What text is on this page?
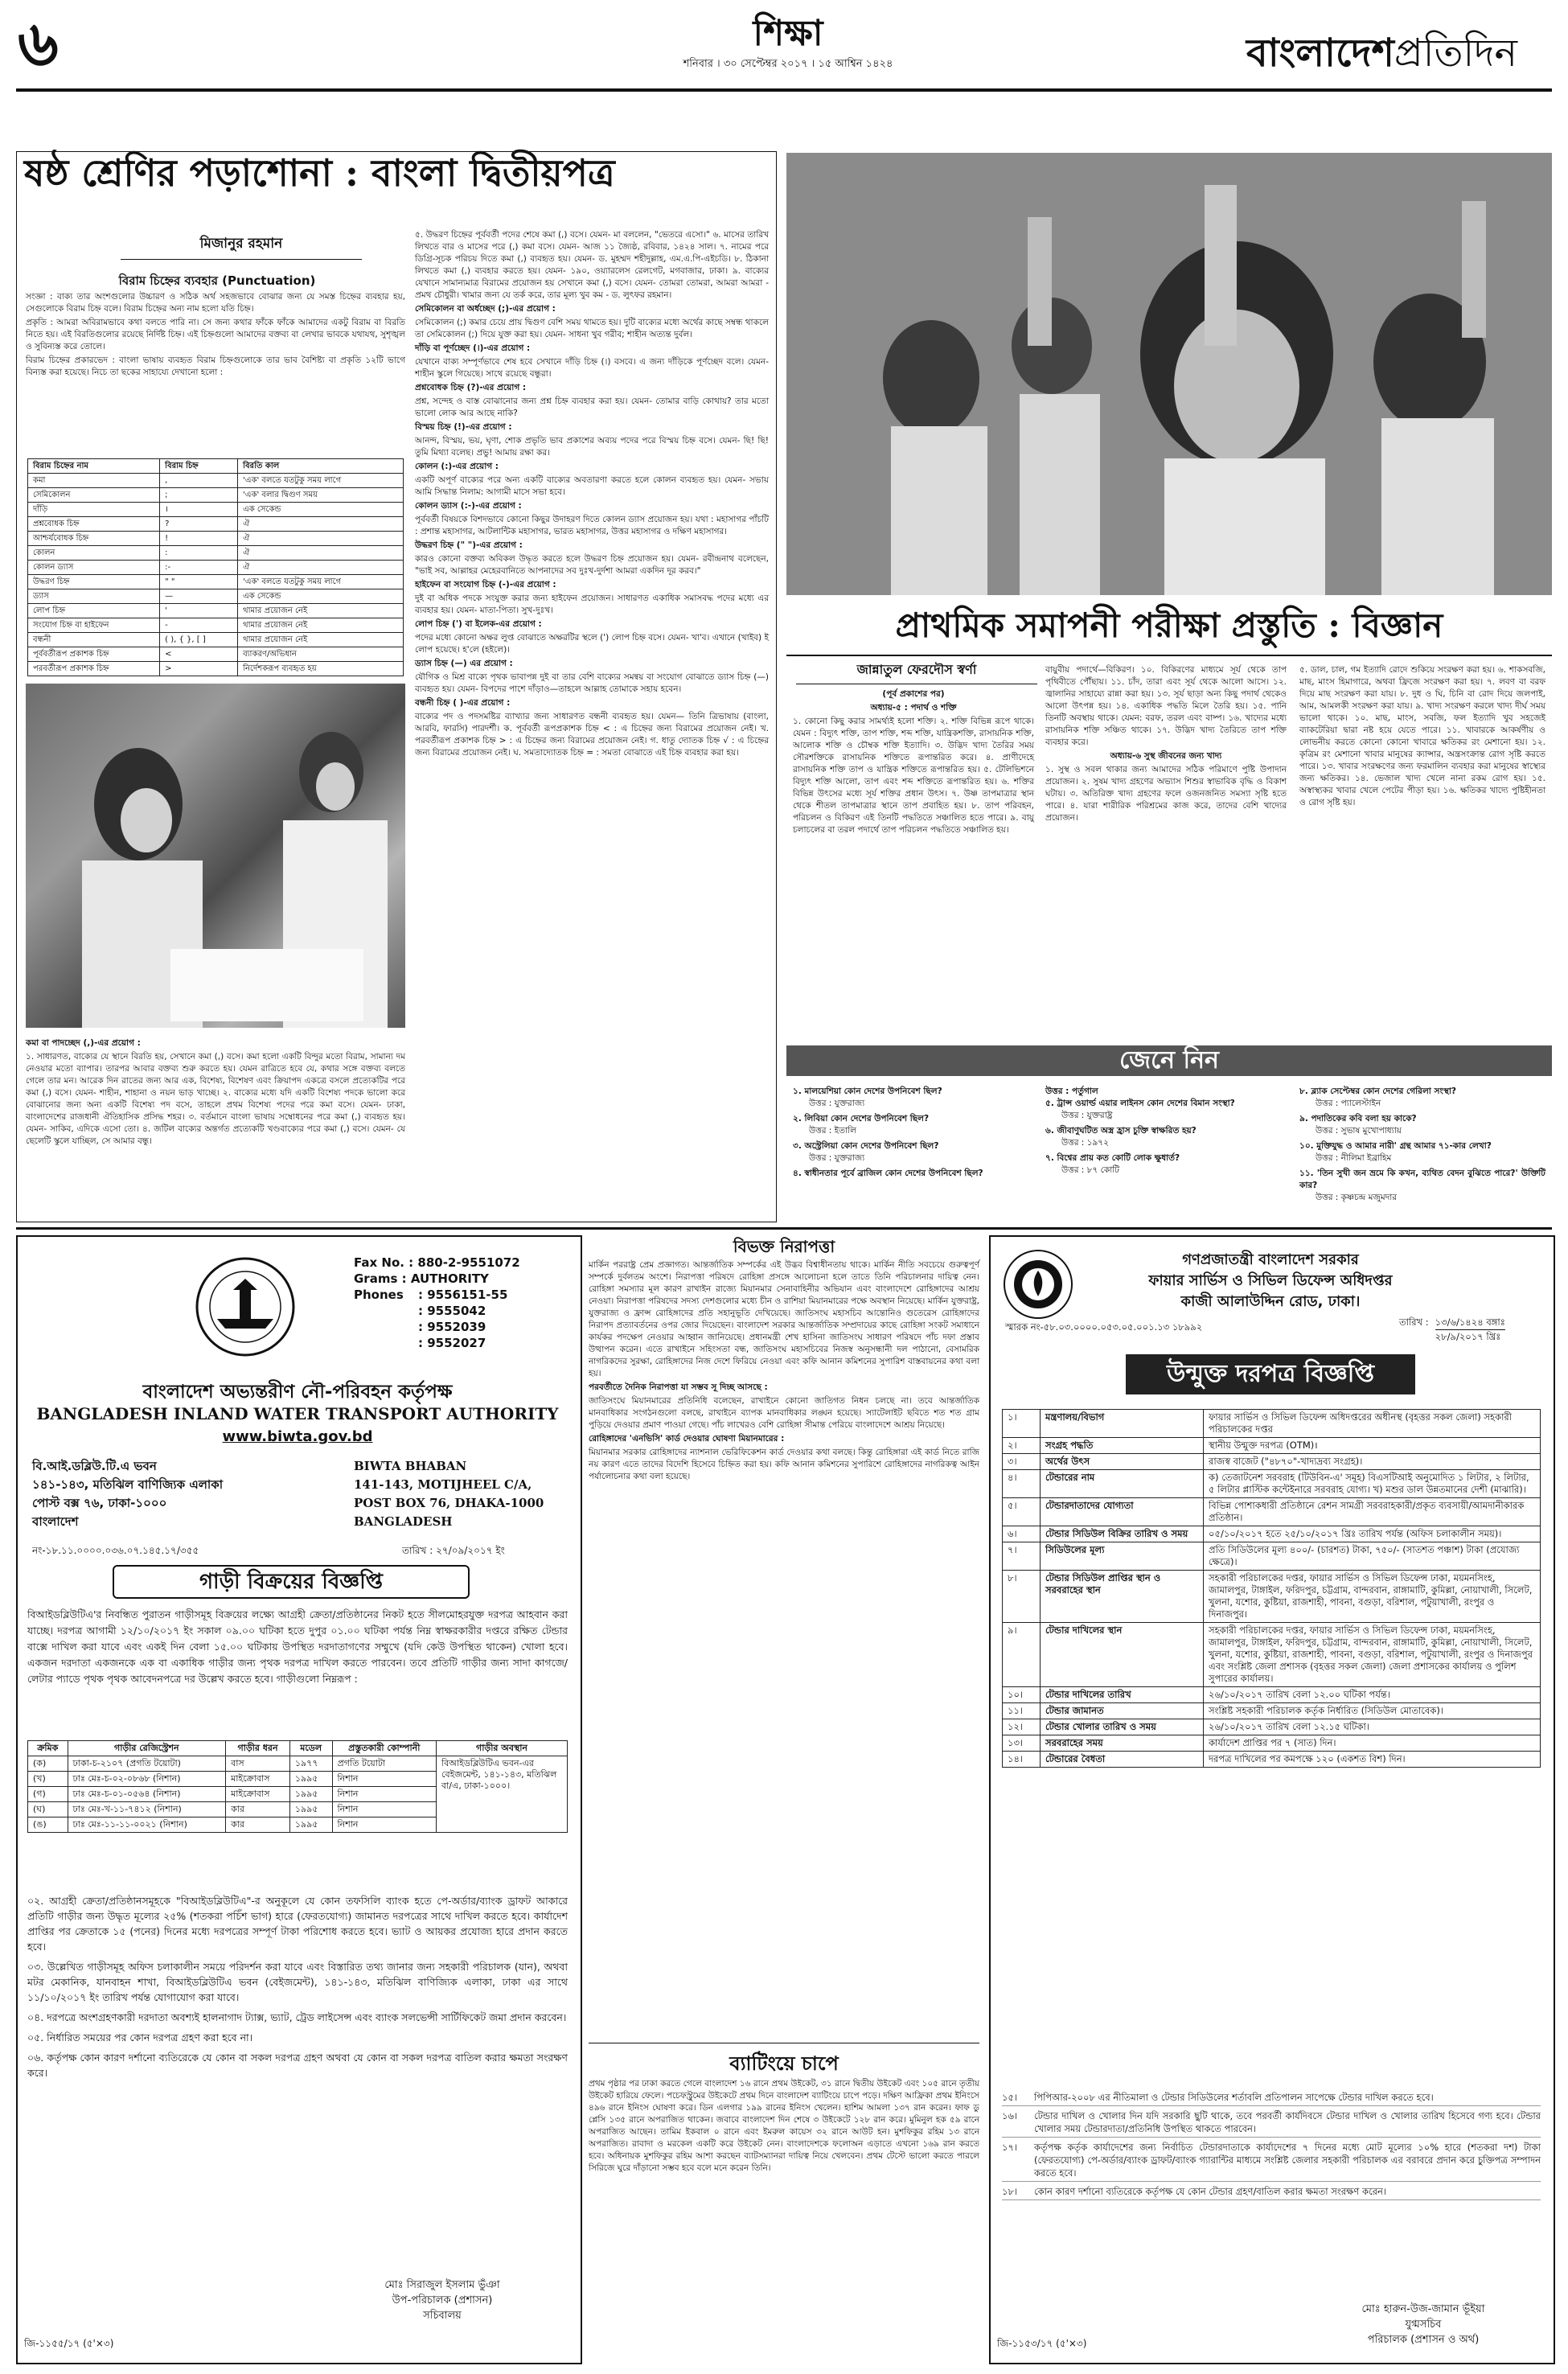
৬	শিক্ষা
শনিবার । ৩০ সেপ্টেম্বর ২০১৭ । ১৫ আশ্বিন ১৪২৪	বাংলাদেশপ্রতিদিন
ষষ্ঠ শ্রেণির পড়াশোনা : বাংলা দ্বিতীয়পত্র
মিজানুর রহমান
বিরাম চিহ্নের ব্যবহার (Punctuation)

সংজ্ঞা : বাক্য তার অংশগুলোর উচ্চারণ ও সঠিক অর্থ সহজভাবে বোঝার জন্য যে সমস্ত চিহ্নের ব্যবহার হয়, সেগুলোকে বিরাম চিহ্ন বলে। বিরাম চিহ্নের অন্য নাম হলো যতি চিহ্ন।

প্রকৃতি : আমরা অবিরামভাবে কথা বলতে পারি না। সে জন্য কথার ফাঁকে ফাঁকে আমাদের একটু বিরাম বা বিরতি নিতে হয়। এই বিরতিগুলোর রয়েছে নির্দিষ্ট চিহ্ন। এই চিহ্নগুলো আমাদের বক্তব্য বা লেখার ভাবকে যথাযথ, সুশৃঙ্খল ও সুবিন্যস্ত করে তোলে।

বিরাম চিহ্নের প্রকারভেদ : বাংলা ভাষায় ব্যবহৃত বিরাম চিহ্নগুলোকে তার ভাব বৈশিষ্ট্য বা প্রকৃতি ১২টি ভাগে বিন্যস্ত করা হয়েছে। নিচে তা ছকের সাহায্যে দেখানো হলো :

বিরাম চিহ্নের নাম	বিরাম চিহ্ন	বিরতি কাল
কমা	,	'এক' বলতে যতটুকু সময় লাগে
সেমিকোলন	;	'এক' বলার দ্বিগুণ সময়
দাঁড়ি	।	এক সেকেন্ড
প্রশ্নবোধক চিহ্ন	?	ঐ
আশ্চর্যবোধক চিহ্ন	!	ঐ
কোলন	:	ঐ
কোলন ড্যাস	:-	ঐ
উদ্ধরণ চিহ্ন	" "	'এক' বলতে যতটুকু সময় লাগে
ড্যাস	—	এক সেকেন্ড
লোপ চিহ্ন	'	থামার প্রয়োজন নেই
সংযোগ চিহ্ন বা হাইফেন	-	থামার প্রয়োজন নেই
বন্ধনী	( ), { }, [ ]	থামার প্রয়োজন নেই
পূর্ববর্তীরূপ প্রকাশক চিহ্ন	<	ব্যাকরণ/অভিধান
পরবর্তীরূপ প্রকাশক চিহ্ন	>	নির্দেশকরূপ ব্যবহৃত হয়

কমা বা পাদচ্ছেদ (,)-এর প্রয়োগ :

১. সাধারণত, বাক্যের যে স্থানে বিরতি হয়, সেখানে কমা (,) বসে। কমা হলো একটি বিন্দুর মতো বিরাম, সামান্য দম নেওয়ার মতো ব্যাপার। তারপর আবার বক্তব্য শুরু করতে হয়। যেমন রাত্রিতে হবে যে, কথার সঙ্গে বক্তব্য বলতে গেলে তার মন। আরেক দিন রাতের জন্য আর এক, বিশেষ্য, বিশেষণ এবং ক্রিয়াপদ একত্রে বসলে প্রত্যেকটির পরে কমা (,) বসে। যেমন- শাহীন, শাহানা ও নয়ন ভাড় খাচ্ছে। ২. বাক্যের মধ্যে যদি একটি বিশেষ্য পদকে ভালো করে বোঝানোর জন্য অন্য একটি বিশেষ্য পদ বসে, তাহলে প্রথম বিশেষ্য পদের পরে কমা বসে। যেমন- ঢাকা, বাংলাদেশের রাজধানী ঐতিহাসিক প্রসিদ্ধ শহর। ৩. বর্তমানে বাংলা ভাষায় সম্বোধনের পরে কমা (,) ব্যবহৃত হয়। যেমন- সাকিব, এদিকে এসো তো। ৪. জটিল বাক্যের অন্তর্গত প্রত্যেকটি খণ্ডবাক্যের পরে কমা (,) বসে। যেমন- যে ছেলেটি স্কুলে যাচ্ছিল, সে আমার বন্ধু।

৫. উদ্ধরণ চিহ্নের পূর্ববর্তী পদের শেষে কমা (,) বসে। যেমন- মা বললেন, "ভেতরে এসো।" ৬. মাসের তারিখ লিখতে বার ও মাসের পরে (,) কমা বসে। যেমন- আজ ১১ জ্যৈষ্ঠ, রবিবার, ১৪২৪ সাল। ৭. নামের পরে ডিগ্রি-সূচক পরিচয় দিতে কমা (,) ব্যবহৃত হয়। যেমন- ড. মুহম্মদ শহীদুল্লাহ, এম.এ.পি-এইচডি। ৮. ঠিকানা লিখতে কমা (,) ব্যবহার করতে হয়। যেমন- ১৯০, ওয়্যারলেস রেলগেট, মগবাজার, ঢাকা। ৯. বাক্যের যেখানে সামান্যমাত্র বিরামের প্রয়োজন হয় সেখানে কমা (,) বসে। যেমন- তোমরা তোমরা, আমরা আমরা - প্রমথ চৌধুরী। খামার জন্য যে তর্ক করে, তার মূল্য খুব কম - ড. লুৎফর রহমান।

সেমিকোলন বা অর্ধচ্ছেদ (;)-এর প্রয়োগ :

সেমিকোলন (;) কমার চেয়ে প্রায় দ্বিগুণ বেশি সময় থামতে হয়। দুটি বাক্যের মধ্যে অর্থের কাছে সম্বন্ধ থাকলে তা সেমিকোলন (;) দিয়ে যুক্ত করা হয়। যেমন- সাধনা খুব গরীব; শাহীন অত্যন্ত দুর্বল।

দাঁড়ি বা পূর্ণচ্ছেদ (।)-এর প্রয়োগ :

যেখানে বাক্য সম্পূর্ণভাবে শেষ হবে সেখানে দাঁড়ি চিহ্ন (।) বসবে। এ জন্য দাঁড়িকে পূর্ণচ্ছেদ বলে। যেমন- শাহীন স্কুলে গিয়েছে। সাথে রয়েছে বন্ধুরা।

প্রশ্নবোধক চিহ্ন (?)-এর প্রয়োগ :

প্রশ্ন, সন্দেহ ও বাস্ত বোঝানোর জন্য প্রশ্ন চিহ্ন ব্যবহার করা হয়। যেমন- তোমার বাড়ি কোথায়? তার মতো ভালো লোক আর আছে নাকি?

বিস্ময় চিহ্ন (!)-এর প্রয়োগ :

আনন্দ, বিস্ময়, ভয়, ঘৃণা, শোক প্রভৃতি ভাব প্রকাশের অব্যয় পদের পরে বিস্ময় চিহ্ন বসে। যেমন- ছি! ছি! তুমি মিথ্যা বলেছ। প্রভু! আমায় রক্ষা কর।

কোলন (:)-এর প্রয়োগ :

একটি অপূর্ণ বাক্যের পরে অন্য একটি বাক্যের অবতারণা করতে হলে কোলন ব্যবহৃত হয়। যেমন- সভায় আমি সিদ্ধান্ত নিলাম: আগামী মাসে সভা হবে।

কোলন ড্যাস (:-)-এর প্রয়োগ :

পূর্ববর্তী বিষয়কে বিশদভাবে কোনো কিছুর উদাহরণ দিতে কোলন ড্যাস প্রয়োজন হয়। যথা : মহাসাগর পাঁচটি : প্রশান্ত মহাসাগর, আটলান্টিক মহাসাগর, ভারত মহাসাগর, উত্তর মহাসাগর ও দক্ষিণ মহাসাগর।

উদ্ধরণ চিহ্ন (" ")-এর প্রয়োগ :

কারও কোনো বক্তব্য অবিকল উদ্ধৃত করতে হলে উদ্ধরণ চিহ্ন প্রয়োজন হয়। যেমন- রবীন্দ্রনাথ বলেছেন, "ভাই সব, আল্লাহর মেহেরবানিতে আপনাদের সব দুঃখ-দুর্দশা আমরা একদিন দূর করব।"

হাইফেন বা সংযোগ চিহ্ন (-)-এর প্রয়োগ :

দুই বা অধিক পদকে সংযুক্ত করার জন্য হাইফেন প্রয়োজন। সাধারণত একাধিক সমাসবদ্ধ পদের মধ্যে এর ব্যবহার হয়। যেমন- মাতা-পিতা। সুখ-দুঃখ।

লোপ চিহ্ন (') বা ইলেক-এর প্রয়োগ :

পদের মধ্যে কোনো অক্ষর লুপ্ত বোঝাতে অক্ষরটির স্থলে (') লোপ চিহ্ন বসে। যেমন- খা'ব। এখানে (খাইব) ই লোপ হয়েছে। হ'লে (হইলে)।

ড্যাস চিহ্ন (—) এর প্রয়োগ :

যৌগিক ও মিশ্র বাক্যে পৃথক ভাবাপন্ন দুই বা তার বেশি বাক্যের সমন্বয় বা সংযোগ বোঝাতে ড্যাস চিহ্ন (—) ব্যবহৃত হয়। যেমন- বিপদের পাশে দাঁড়াও—তাহলে আল্লাহ তোমাকে সহায় হবেন।

বন্ধনী চিহ্ন ( )-এর প্রয়োগ :

বাক্যের পদ ও পদসমষ্টির ব্যাখ্যার জন্য সাধারণত বন্ধনী ব্যবহৃত হয়। যেমন— তিনি ত্রিভাষায় (বাংলা, আরবি, ফারসি) পারদর্শী। ক. পূর্ববর্তী রূপপ্রকাশক চিহ্ন < : এ চিহ্নের জন্য বিরামের প্রয়োজন নেই। খ. পরবর্তীরূপ প্রকাশক চিহ্ন > : এ চিহ্নের জন্য বিরামের প্রয়োজন নেই। গ. ধাতু দ্যোতক চিহ্ন √ : এ চিহ্নের জন্য বিরামের প্রয়োজন নেই। ঘ. সমতাদ্যোতক চিহ্ন = : সমতা বোঝাতে এই চিহ্ন ব্যবহার করা হয়।

প্রাথমিক সমাপনী পরীক্ষা প্রস্তুতি : বিজ্ঞান
জান্নাতুল ফেরদৌস স্বর্ণা

(পূর্ব প্রকাশের পর)

অধ্যায়-৫ : পদার্থ ও শক্তি

১. কোনো কিছু করার সামর্থ্যই হলো শক্তি। ২. শক্তি বিভিন্ন রূপে থাকে। যেমন : বিদ্যুৎ শক্তি, তাপ শক্তি, শব্দ শক্তি, যান্ত্রিকশক্তি, রাসায়নিক শক্তি, আলোক শক্তি ও চৌম্বক শক্তি ইত্যাদি। ৩. উদ্ভিদ খাদ্য তৈরির সময় সৌরশক্তিকে রাসায়নিক শক্তিতে রূপান্তরিত করে। ৪. প্রাণীদেহে রাসায়নিক শক্তি তাপ ও যান্ত্রিক শক্তিতে রূপান্তরিত হয়। ৫. টেলিভিশনে বিদ্যুৎ শক্তি আলো, তাপ এবং শব্দ শক্তিতে রূপান্তরিত হয়। ৬. শক্তির বিভিন্ন উৎসের মধ্যে সূর্য শক্তির প্রধান উৎস। ৭. উষ্ণ তাপমাত্রার স্থান থেকে শীতল তাপমাত্রার স্থানে তাপ প্রবাহিত হয়। ৮. তাপ পরিবহন, পরিচলন ও বিকিরণ এই তিনটি পদ্ধতিতে সঞ্চালিত হতে পারে। ৯. বায়ু চলাচলের বা তরল পদার্থে তাপ পরিচলন পদ্ধতিতে সঞ্চালিত হয়।

বায়ুবীয় পদার্থে—বিকিরণ। ১০. বিকিরণের মাধ্যমে সূর্য থেকে তাপ পৃথিবীতে পৌঁছায়। ১১. চাঁদ, তারা এবং সূর্য থেকে আলো আসে। ১২. জ্বালানির সাহায্যে রান্না করা হয়। ১৩. সূর্য ছাড়া অন্য কিছু পদার্থ থেকেও আলো উৎপন্ন হয়। ১৪. একাধিক পদ্ধতি মিলে তৈরি হয়। ১৫. পানি তিনটি অবস্থায় থাকে। যেমন: বরফ, তরল এবং বাষ্প। ১৬. খাদ্যের মধ্যে রাসায়নিক শক্তি সঞ্চিত থাকে। ১৭. উদ্ভিদ খাদ্য তৈরিতে তাপ শক্তি ব্যবহার করে।

অধ্যায়-৬ সুস্থ জীবনের জন্য খাদ্য

১. সুস্থ ও সবল থাকার জন্য আমাদের সঠিক পরিমাণে পুষ্টি উপাদান প্রয়োজন। ২. সুষম খাদ্য গ্রহণের অভ্যাস শিশুর স্বাভাবিক বৃদ্ধি ও বিকাশ ঘটায়। ৩. অতিরিক্ত খাদ্য গ্রহণের ফলে ওজনজনিত সমস্যা সৃষ্টি হতে পারে। ৪. যারা শারীরিক পরিশ্রমের কাজ করে, তাদের বেশি খাদ্যের প্রয়োজন।

৫. ডাল, চাল, গম ইত্যাদি রোদে শুকিয়ে সংরক্ষণ করা হয়। ৬. শাকসবজি, মাছ, মাংস হিমাগারে, অথবা ফ্রিজে সংরক্ষণ করা হয়। ৭. লবণ বা বরফ দিয়ে মাছ সংরক্ষণ করা যায়। ৮. দুধ ও ঘি, চিনি বা রোদ দিয়ে জলপাই, আম, আমলকী সংরক্ষণ করা যায়। ৯. খাদ্য সংরক্ষণ করলে খাদ্য দীর্ঘ সময় ভালো থাকে। ১০. মাছ, মাংস, সবজি, ফল ইত্যাদি খুব সহজেই ব্যাকটেরিয়া দ্বারা নষ্ট হয়ে যেতে পারে। ১১. খাবারকে আকর্ষণীয় ও লোভনীয় করতে কোনো কোনো খাবারে ক্ষতিকর রং মেশানো হয়। ১২. কৃত্রিম রং মেশানো খাবার মানুষের ক্যান্সার, অন্ত্রসংক্রান্ত রোগ সৃষ্টি করতে পারে। ১৩. খাবার সংরক্ষণের জন্য ফরমালিন ব্যবহার করা মানুষের স্বাস্থ্যের জন্য ক্ষতিকর। ১৪. ভেজাল খাদ্য খেলে নানা রকম রোগ হয়। ১৫. অস্বাস্থ্যকর খাবার খেলে পেটের পীড়া হয়। ১৬. ক্ষতিকর খাদ্যে পুষ্টিহীনতা ও রোগ সৃষ্টি হয়।

জেনে নিন

১. মালয়েশিয়া কোন দেশের উপনিবেশ ছিল?

উত্তর : যুক্তরাজ্য

২. লিবিয়া কোন দেশের উপনিবেশ ছিল?

উত্তর : ইতালি

৩. অস্ট্রেলিয়া কোন দেশের উপনিবেশ ছিল?

উত্তর : যুক্তরাজ্য

৪. স্বাধীনতার পূর্বে ব্রাজিল কোন দেশের উপনিবেশ ছিল?

উত্তর : পর্তুগাল

৫. ট্রান্স ওয়ার্ল্ড এয়ার লাইনস কোন দেশের বিমান সংস্থা?

উত্তর : যুক্তরাষ্ট্র

৬. জীবাণুঘটিত অস্ত্র হ্রাস চুক্তি স্বাক্ষরিত হয়?

উত্তর : ১৯৭২

৭. বিশ্বের প্রায় কত কোটি লোক ক্ষুধার্ত?

উত্তর : ৮৭ কোটি

৮. ব্ল্যাক সেপ্টেম্বর কোন দেশের গেরিলা সংস্থা?

উত্তর : প্যালেস্টাইন

৯. পদাতিকের কবি বলা হয় কাকে?

উত্তর : সুভাষ মুখোপাধ্যায়

১০. মুক্তিযুদ্ধ ও আমার নারী' গ্রন্থ আমার ৭১-কার লেখা?

উত্তর : নীলিমা ইব্রাহিম

১১. 'তিন সুখী জন ভ্রমে কি কখন, ব্যথিত বেদন বুঝিতে পারে?' উক্তিটি কার?

উত্তর : কৃষ্ণচন্দ্র মজুমদার

Fax No. : 880-2-9551072
Grams : AUTHORITY
Phones	: 9556151-55
: 9555042
: 9552039
: 9552027
বাংলাদেশ অভ্যন্তরীণ নৌ-পরিবহন কর্তৃপক্ষ
BANGLADESH INLAND WATER TRANSPORT AUTHORITY
www.biwta.gov.bd
বি.আই.ডব্লিউ.টি.এ ভবন
১৪১-১৪৩, মতিঝিল বাণিজ্যিক এলাকা
পোস্ট বক্স ৭৬, ঢাকা-১০০০
বাংলাদেশ
BIWTA BHABAN
141-143, MOTIJHEEL C/A,
POST BOX 76, DHAKA-1000
BANGLADESH
নং-১৮.১১.০০০০.০৩৬.০৭.১৪৫.১৭/৩৫৫	তারিখ : ২৭/০৯/২০১৭ ইং
গাড়ী বিক্রয়ের বিজ্ঞপ্তি
বিআইডব্লিউটিএ'র নিবন্ধিত পুরাতন গাড়ীসমূহ বিক্রয়ের লক্ষ্যে আগ্রহী ক্রেতা/প্রতিষ্ঠানের নিকট হতে সীলমোহরযুক্ত দরপত্র আহবান করা যাচ্ছে। দরপত্র আগামী ১২/১০/২০১৭ ইং সকাল ০৯.০০ ঘটিকা হতে দুপুর ০১.০০ ঘটিকা পর্যন্ত নিম্ন স্বাক্ষরকারীর দপ্তরে রক্ষিত টেন্ডার বাক্সে দাখিল করা যাবে এবং একই দিন বেলা ১৫.০০ ঘটিকায় উপস্থিত দরদাতাগণের সম্মুখে (যদি কেউ উপস্থিত থাকেন) খোলা হবে। একজন দরদাতা একজনকে এক বা একাধিক গাড়ীর জন্য পৃথক দরপত্র দাখিল করতে পারবেন। তবে প্রতিটি গাড়ীর জন্য সাদা কাগজে/লেটার প্যাডে পৃথক পৃথক আবেদনপত্রে দর উল্লেখ করতে হবে। গাড়ীগুলো নিম্নরূপ :
ক্রমিক	গাড়ীর রেজিস্ট্রেশন	গাড়ীর ধরন	মডেল	প্রস্তুতকারী কোম্পানী	গাড়ীর অবস্থান
(ক)	ঢাকা-চ-২১০৭ (প্রগতি টয়োটা)	বাস	১৯৭৭	প্রগতি টয়োটা	বিআইডব্লিউটিএ ভবন-এর বেইজমেন্ট, ১৪১-১৪৩, মতিঝিল বা/এ, ঢাকা-১০০০।
(খ)	ঢাঃ মেঃ-চ-০২-০৮৬৮ (নিশান)	মাইক্রোবাস	১৯৯৫	নিশান	
(গ)	ঢাঃ মেঃ-চ-০১-০৫৬৪ (নিশান)	মাইক্রোবাস	১৯৯৫	নিশান	
(ঘ)	ঢাঃ মেঃ-খ-১১-৭৪১২ (নিশান)	কার	১৯৯৫	নিশান	
(ঙ)	ঢাঃ মেঃ-১১-১১-০০২১ (নিশান)	কার	১৯৯৫	নিশান	

০২. আগ্রহী ক্রেতা/প্রতিষ্ঠানসমূহকে "বিআইডব্লিউটিএ"-র অনুকূলে যে কোন তফসিলি ব্যাংক হতে পে-অর্ডার/ব্যাংক ড্রাফট আকারে প্রতিটি গাড়ীর জন্য উদ্ধৃত মূল্যের ২৫% (শতকরা পচিঁশ ভাগ) হারে (ফেরতযোগ্য) জামানত দরপত্রের সাথে দাখিল করতে হবে। কার্যাদেশ প্রাপ্তির পর ক্রেতাকে ১৫ (পনের) দিনের মধ্যে দরপত্রের সম্পূর্ণ টাকা পরিশোধ করতে হবে। ভ্যাট ও আয়কর প্রযোজ্য হারে প্রদান করতে হবে।

০৩. উল্লেখিত গাড়ীসমূহ অফিস চলাকালীন সময়ে পরিদর্শন করা যাবে এবং বিস্তারিত তথ্য জানার জন্য সহকারী পরিচালক (যান), অথবা মটর মেকানিক, যানবাহন শাখা, বিআইডব্লিউটিএ ভবন (বেইজমেন্ট), ১৪১-১৪৩, মতিঝিল বাণিজ্যিক এলাকা, ঢাকা এর সাথে ১১/১০/২০১৭ ইং তারিখ পর্যন্ত যোগাযোগ করা যাবে।

০৪. দরপত্রে অংশগ্রহণকারী দরদাতা অবশ্যই হালনাগাদ ট্যাক্স, ভ্যাট, ট্রেড লাইসেন্স এবং ব্যাংক সলভেন্সী সার্টিফিকেট জমা প্রদান করবেন।

০৫. নির্ধারিত সময়ের পর কোন দরপত্র গ্রহণ করা হবে না।

০৬. কর্তৃপক্ষ কোন কারণ দর্শানো ব্যতিরেকে যে কোন বা সকল দরপত্র গ্রহণ অথবা যে কোন বা সকল দরপত্র বাতিল করার ক্ষমতা সংরক্ষণ করে।

মোঃ সিরাজুল ইসলাম ভুঁঞা
উপ-পরিচালক (প্রশাসন)
সচিবালয়
জি-১১৫৫/১৭ (৫'×৩)
বিভক্ত নিরাপত্তা

মার্কিন পররাষ্ট্র প্রেম প্রজ্ঞাগত। আন্তর্জাতিক সম্পর্কের এই উদ্ভব বিশ্বাধীনতায় থাকে। মার্কিন নীতি সবচেয়ে গুরুত্বপূর্ণ সম্পর্কে দুর্বলতম অংশে। নিরাপত্তা পরিষদে রোহিঙ্গা প্রসঙ্গে আলোচনা হলে তাতে তিনি পরিচালনার দায়িত্ব নেন। রোহিঙ্গা সমস্যার মূল কারণ রাখাইন রাজ্যে মিয়ানমার সেনাবাহিনীর অভিযান এবং বাংলাদেশে রোহিঙ্গাদের আশ্রয় নেওয়া। নিরাপত্তা পরিষদের সদস্য দেশগুলোর মধ্যে চীন ও রাশিয়া মিয়ানমারের পক্ষে অবস্থান নিয়েছে। মার্কিন যুক্তরাষ্ট্র, যুক্তরাজ্য ও ফ্রান্স রোহিঙ্গাদের প্রতি সহানুভূতি দেখিয়েছে। জাতিসংঘ মহাসচিব আন্তোনিও গুতেরেস রোহিঙ্গাদের নিরাপদ প্রত্যাবর্তনের ওপর জোর দিয়েছেন। বাংলাদেশ সরকার আন্তর্জাতিক সম্প্রদায়ের কাছে রোহিঙ্গা সংকট সমাধানে কার্যকর পদক্ষেপ নেওয়ার আহ্বান জানিয়েছে। প্রধানমন্ত্রী শেখ হাসিনা জাতিসংঘ সাধারণ পরিষদে পাঁচ দফা প্রস্তাব উত্থাপন করেন। এতে রাখাইনে সহিংসতা বন্ধ, জাতিসংঘ মহাসচিবের নিজস্ব অনুসন্ধানী দল পাঠানো, বেসামরিক নাগরিকদের সুরক্ষা, রোহিঙ্গাদের নিজ দেশে ফিরিয়ে নেওয়া এবং কফি আনান কমিশনের সুপারিশ বাস্তবায়নের কথা বলা হয়।

পরবর্তীতে দৈনিক নিরাপত্তা যা সম্ভব সূ দিচ্ছ আসছে :

জাতিসংঘে মিয়ানমারের প্রতিনিধি বলেছেন, রাখাইনে কোনো জাতিগত নিধন চলছে না। তবে আন্তর্জাতিক মানবাধিকার সংগঠনগুলো বলছে, রাখাইনে ব্যাপক মানবাধিকার লঙ্ঘন হয়েছে। স্যাটেলাইট ছবিতে শত শত গ্রাম পুড়িয়ে দেওয়ার প্রমাণ পাওয়া গেছে। পাঁচ লাখেরও বেশি রোহিঙ্গা সীমান্ত পেরিয়ে বাংলাদেশে আশ্রয় নিয়েছে।

রোহিঙ্গাদের 'এনভিসি' কার্ড দেওয়ার ঘোষণা মিয়ানমারের :

মিয়ানমার সরকার রোহিঙ্গাদের ন্যাশনাল ভেরিফিকেশন কার্ড দেওয়ার কথা বলছে। কিন্তু রোহিঙ্গারা এই কার্ড নিতে রাজি নয় কারণ এতে তাদের বিদেশি হিসেবে চিহ্নিত করা হয়। কফি আনান কমিশনের সুপারিশে রোহিঙ্গাদের নাগরিকত্ব আইন পর্যালোচনার কথা বলা হয়েছে।

ব্যাটিংয়ে চাপে
প্রথম পৃষ্ঠার পর ঢাকা করতে গেলে বাংলাদেশ ১৬ রানে প্রথম উইকেট, ৩১ রানে দ্বিতীয় উইকেট এবং ১০৫ রানে তৃতীয় উইকেট হারিয়ে ফেলে। পচেফস্ট্রুমের উইকেটে প্রথম দিনে বাংলাদেশ ব্যাটিংয়ে চাপে পড়ে। দক্ষিণ আফ্রিকা প্রথম ইনিংসে ৪৯৬ রানে ইনিংস ঘোষণা করে। ডিন এলগার ১৯৯ রানের ইনিংস খেলেন। হাশিম আমলা ১৩৭ রান করেন। ফাফ ডু প্লেসি ১৩৫ রানে অপরাজিত থাকেন। জবাবে বাংলাদেশ দিন শেষে ৩ উইকেটে ১২৮ রান করে। মুমিনুল হক ৫৯ রানে অপরাজিত আছেন। তামিম ইকবাল ০ রানে এবং ইমরুল কায়েস ৩২ রানে আউট হন। মুশফিকুর রহিম ১৩ রানে অপরাজিত। রাবাদা ও মরকেল একটি করে উইকেট নেন। বাংলাদেশকে ফলোঅন এড়াতে এখনো ১৬৯ রান করতে হবে। অধিনায়ক মুশফিকুর রহিম আশা করছেন ব্যাটসম্যানরা দায়িত্ব নিয়ে খেলবেন। প্রথম টেস্টে ভালো করতে পারলে সিরিজে ঘুরে দাঁড়ানো সম্ভব হবে বলে মনে করেন তিনি।
গণপ্রজাতন্ত্রী বাংলাদেশ সরকার
ফায়ার সার্ভিস ও সিভিল ডিফেন্স অধিদপ্তর
কাজী আলাউদ্দিন রোড, ঢাকা।
স্মারক নং-৫৮.০৩.০০০০.০৫৩.০৫.০০১.১৩ ১৮৯৯২	তারিখ : ১৩/৬/১৪২৪ বঙ্গাঃ
২৮/৯/২০১৭ খ্রিঃ
উন্মুক্ত দরপত্র বিজ্ঞপ্তি
১।	মন্ত্রণালয়/বিভাগ	ফায়ার সার্ভিস ও সিভিল ডিফেন্স অধিদপ্তরের অধীনস্থ (বৃহত্তর সকল জেলা) সহকারী পরিচালকের দপ্তর
২।	সংগ্রহ পদ্ধতি	স্থানীয় উন্মুক্ত দরপত্র (OTM)।
৩।	অর্থের উৎস	রাজস্ব বাজেট ("৪৮৭০"-খাদ্যদ্রব্য সংগ্রহ)।
৪।	টেন্ডারের নাম	ক) তেজাটনেশ সরবরাহ (টিউবিন-এ' সমূহ) বিএসটিআই অনুমোদিত ১ লিটার, ২ লিটার, ৫ লিটার প্লাস্টিক কন্টেইনারে সরবরাহ যোগ্য। খ) মশুর ডাল উন্নতমানের দেশী (মাঝারি)।
৫।	টেন্ডারদাতাদের যোগ্যতা	বিভিন্ন পোশাকধারী প্রতিষ্ঠানে রেশন সামগ্রী সরবরাহকারী/প্রকৃত ব্যবসায়ী/আমদানীকারক প্রতিষ্ঠান।
৬।	টেন্ডার সিডিউল বিক্রির তারিখ ও সময়	০৫/১০/২০১৭ হতে ২৫/১০/২০১৭ খ্রিঃ তারিখ পর্যন্ত (অফিস চলাকালীন সময়)।
৭।	সিডিউলের মূল্য	প্রতি সিডিউলের মূল্য ৪০০/- (চারশত) টাকা, ৭৫০/- (সাতশত পঞ্চাশ) টাকা (প্রযোজ্য ক্ষেত্রে)।
৮।	টেন্ডার সিডিউল প্রাপ্তির স্থান ও সরবরাহের স্থান	সহকারী পরিচালকের দপ্তর, ফায়ার সার্ভিস ও সিভিল ডিফেন্স ঢাকা, ময়মনসিংহ, জামালপুর, টাঙ্গাইল, ফরিদপুর, চট্টগ্রাম, বান্দরবান, রাঙ্গামাটি, কুমিল্লা, নোয়াখালী, সিলেট, খুলনা, যশোর, কুষ্টিয়া, রাজশাহী, পাবনা, বগুড়া, বরিশাল, পটুয়াখালী, রংপুর ও দিনাজপুর।
৯।	টেন্ডার দাখিলের স্থান	সহকারী পরিচালকের দপ্তর, ফায়ার সার্ভিস ও সিভিল ডিফেন্স ঢাকা, ময়মনসিংহ, জামালপুর, টাঙ্গাইল, ফরিদপুর, চট্টগ্রাম, বান্দরবান, রাঙ্গামাটি, কুমিল্লা, নোয়াখালী, সিলেট, খুলনা, যশোর, কুষ্টিয়া, রাজশাহী, পাবনা, বগুড়া, বরিশাল, পটুয়াখালী, রংপুর ও দিনাজপুর এবং সংশ্লিষ্ট জেলা প্রশাসক (বৃহত্তর সকল জেলা) জেলা প্রশাসকের কার্যালয় ও পুলিশ সুপারের কার্যালয়।
১০।	টেন্ডার দাখিলের তারিখ	২৬/১০/২০১৭ তারিখ বেলা ১২.০০ ঘটিকা পর্যন্ত।
১১।	টেন্ডার জামানত	সংশ্লিষ্ট সহকারী পরিচালক কর্তৃক নির্ধারিত (সিডিউল মোতাবেক)।
১২।	টেন্ডার খোলার তারিখ ও সময়	২৬/১০/২০১৭ তারিখ বেলা ১২.১৫ ঘটিকা।
১৩।	সরবরাহের সময়	কার্যাদেশ প্রাপ্তির পর ৭ (সাত) দিন।
১৪।	টেন্ডারের বৈধতা	দরপত্র দাখিলের পর কমপক্ষে ১২০ (একশত বিশ) দিন।
১৫।	পিপিআর-২০০৮ এর নীতিমালা ও টেন্ডার সিডিউলের শর্তাবলি প্রতিপালন সাপেক্ষে টেন্ডার দাখিল করতে হবে।
১৬।	টেন্ডার দাখিল ও খোলার দিন যদি সরকারি ছুটি থাকে, তবে পরবর্তী কার্যদিবসে টেন্ডার দাখিল ও খোলার তারিখ হিসেবে গণ্য হবে। টেন্ডার খোলার সময় টেন্ডারদাতা/প্রতিনিধি উপস্থিত থাকতে পারবেন।
১৭।	কর্তৃপক্ষ কর্তৃক কার্যাদেশের জন্য নির্বাচিত টেন্ডারদাতাকে কার্যাদেশের ৭ দিনের মধ্যে মোট মূল্যের ১০% হারে (শতকরা দশ) টাকা (ফেরতযোগ্য) পে-অর্ডার/ব্যাংক ড্রাফট/ব্যাংক গ্যারান্টির মাধ্যমে সংশ্লিষ্ট জেলার সহকারী পরিচালক এর বরাবরে প্রদান করে চুক্তিপত্র সম্পাদন করতে হবে।
১৮।	কোন কারণ দর্শানো ব্যতিরেকে কর্তৃপক্ষ যে কোন টেন্ডার গ্রহণ/বাতিল করার ক্ষমতা সংরক্ষণ করেন।
মোঃ হারুন-উজ-জামান ভূঁইয়া
যুগ্মসচিব
পরিচালক (প্রশাসন ও অর্থ)
জি-১১৫৩/১৭ (৫'×৩)
